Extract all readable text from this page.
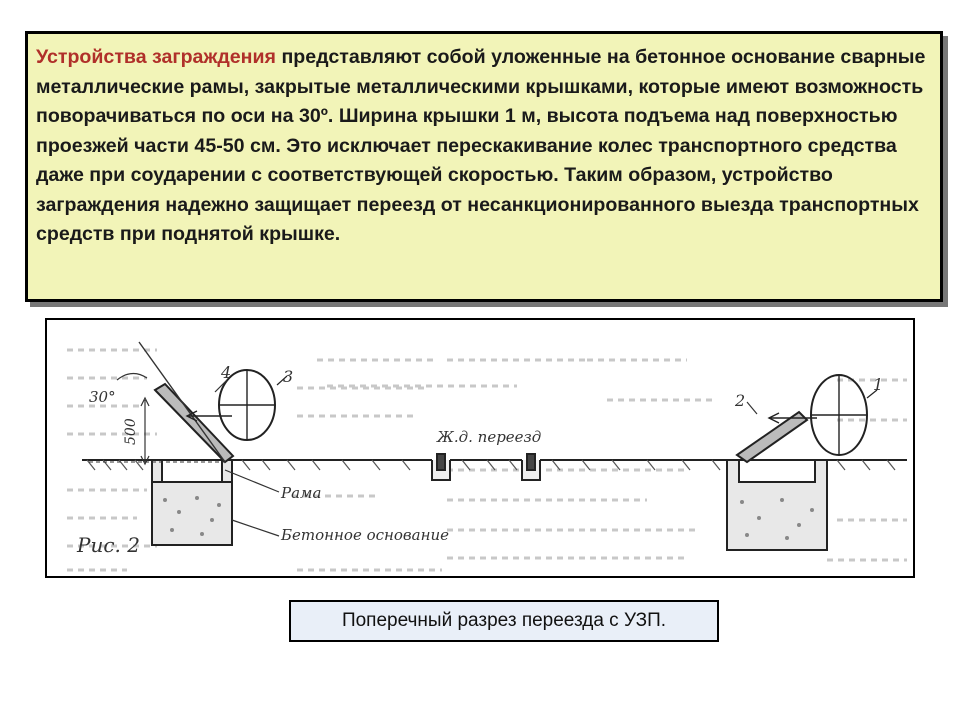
Устройства заграждения представляют собой уложенные на бетонное основание сварные металлические рамы, закрытые металлическими крышками, которые имеют возможность поворачиваться по оси на 30º. Ширина крышки 1 м, высота подъема над поверхностью проезжей части 45-50 см. Это исключает перескакивание колес транспортного средства даже при соударении с соответствующей скоростью. Таким образом, устройство заграждения надежно защищает переезд от несанкционированного выезда транспортных средств при поднятой крышке.
30°
500
3
4
1
2
Рама
Бетонное основание
Ж.д. переезд
Рис. 2
Поперечный разрез переезда с УЗП.
